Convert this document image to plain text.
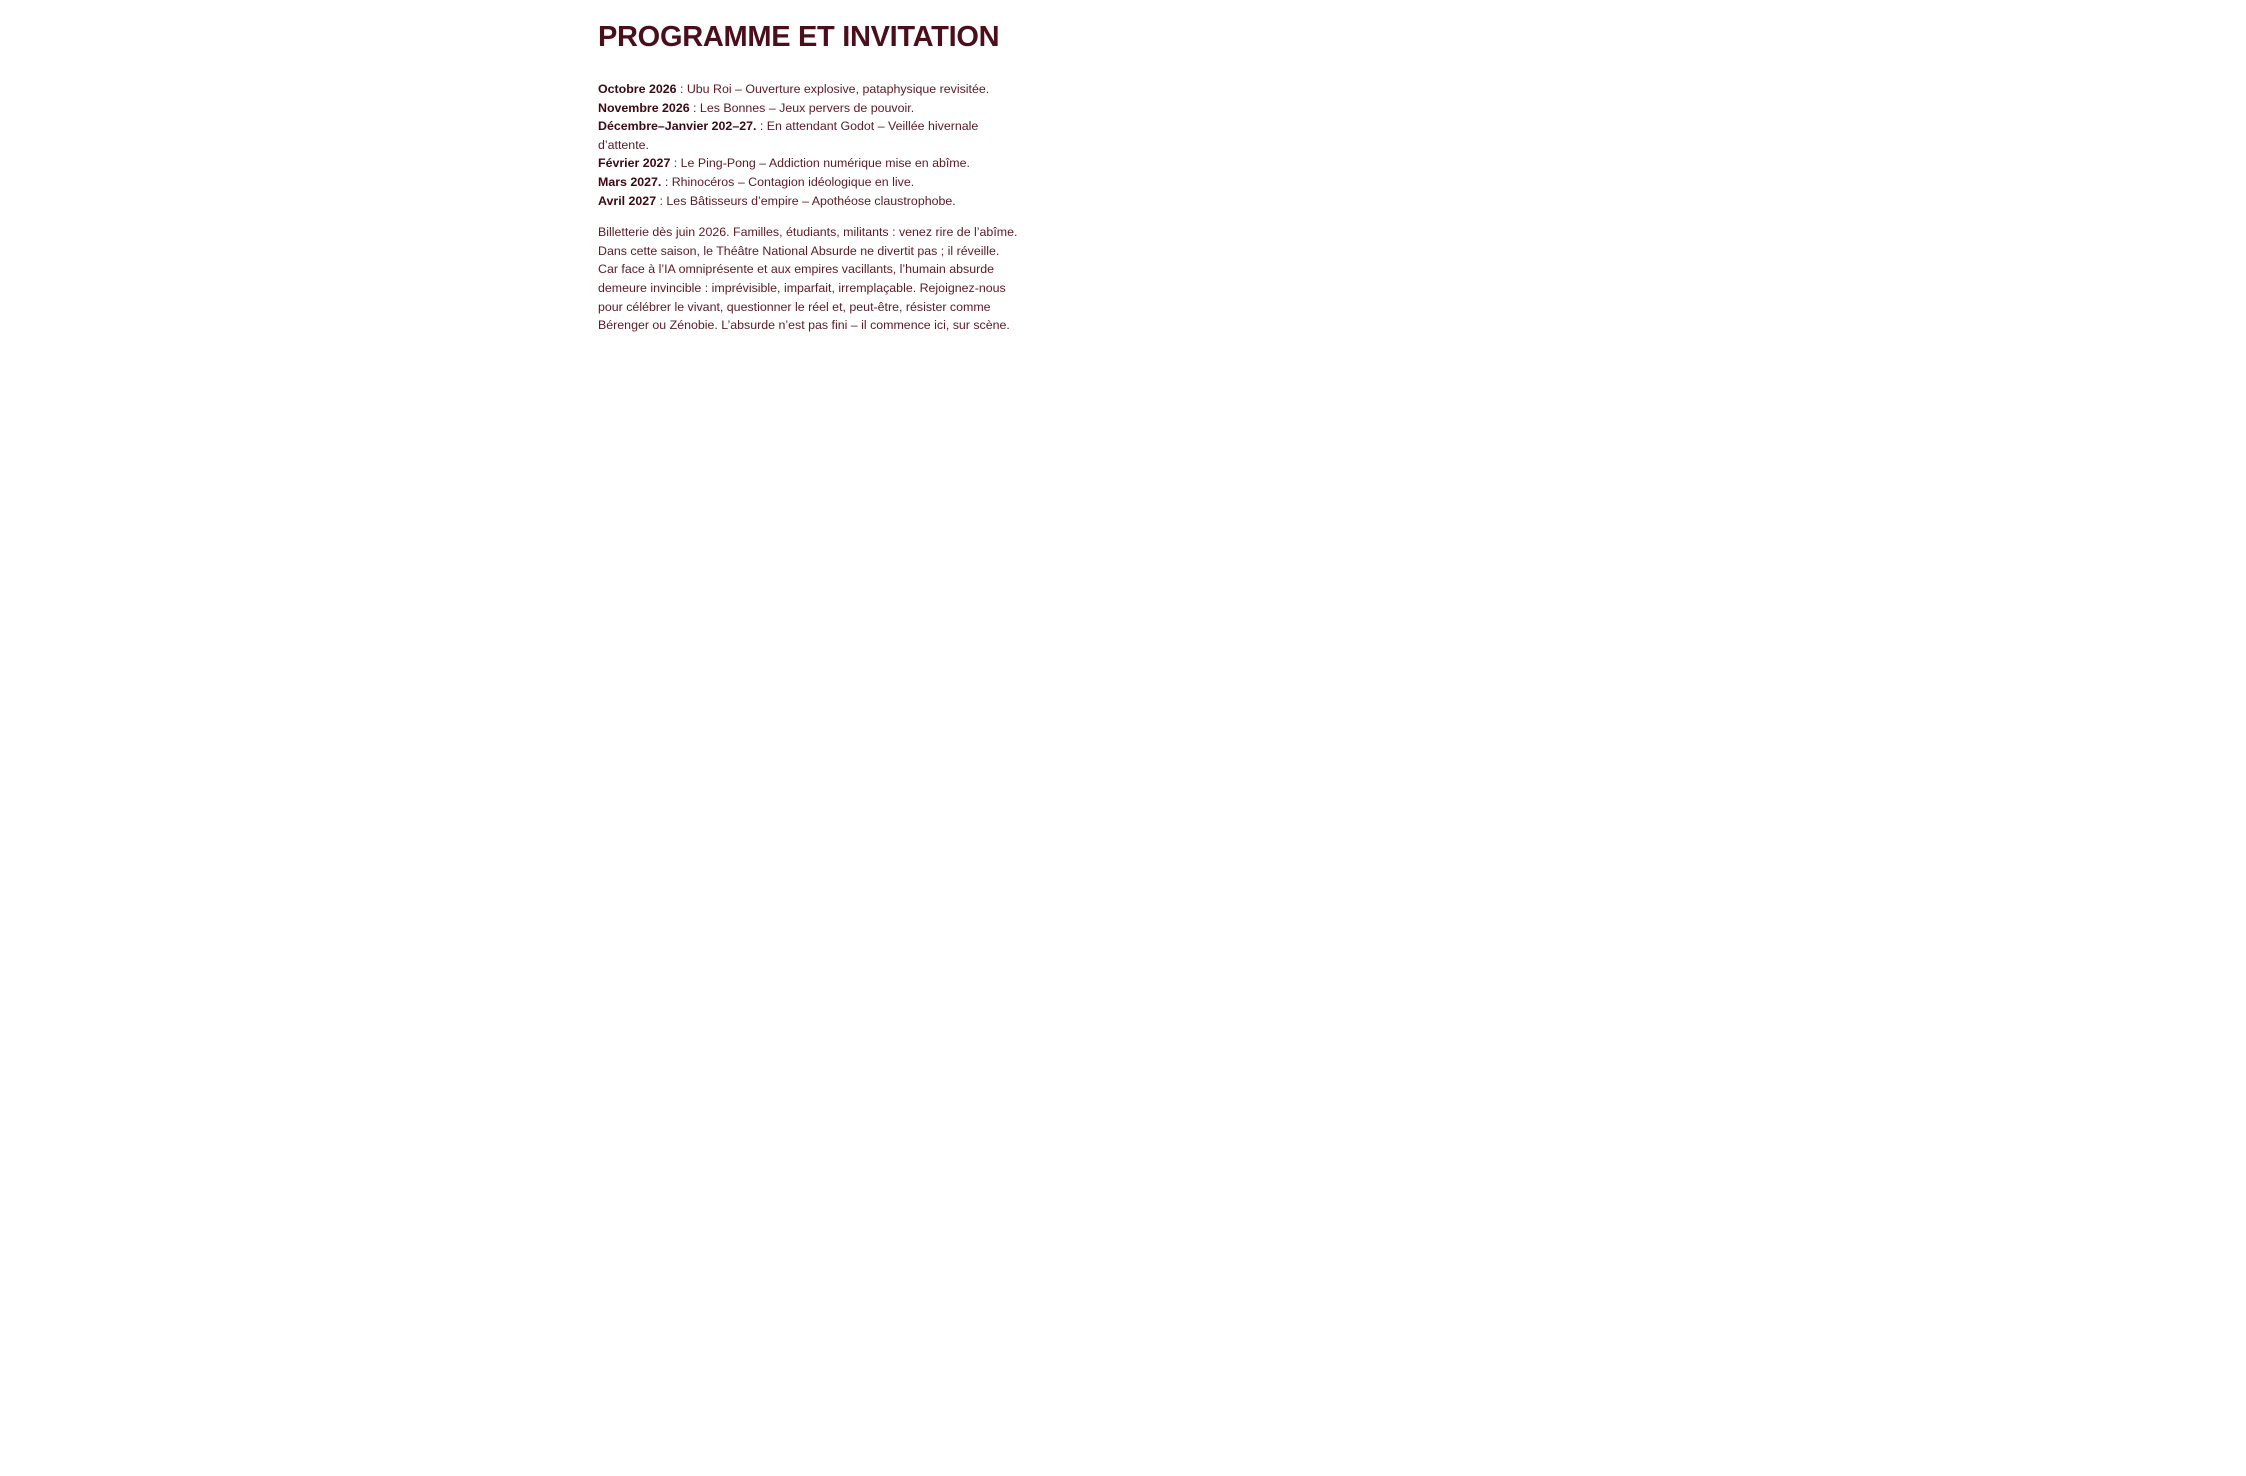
PROGRAMME ET INVITATION
Octobre 2026 : Ubu Roi – Ouverture explosive, pataphysique revisitée.
Novembre 2026 : Les Bonnes – Jeux pervers de pouvoir.
Décembre–Janvier 202–27. : En attendant Godot – Veillée hivernale d’attente.
Février 2027 : Le Ping-Pong – Addiction numérique mise en abîme.
Mars 2027. : Rhinocéros – Contagion idéologique en live.
Avril 2027 : Les Bâtisseurs d’empire – Apothéose claustrophobe.

Billetterie dès juin 2026. Familles, étudiants, militants : venez rire de l’abîme. Dans cette saison, le Théâtre National Absurde ne divertit pas ; il réveille. Car face à l’IA omniprésente et aux empires vacillants, l’humain absurde demeure invincible : imprévisible, imparfait, irremplaçable. Rejoignez-nous pour célébrer le vivant, questionner le réel et, peut-être, résister comme Bérenger ou Zénobie. L’absurde n’est pas fini – il commence ici, sur scène.
